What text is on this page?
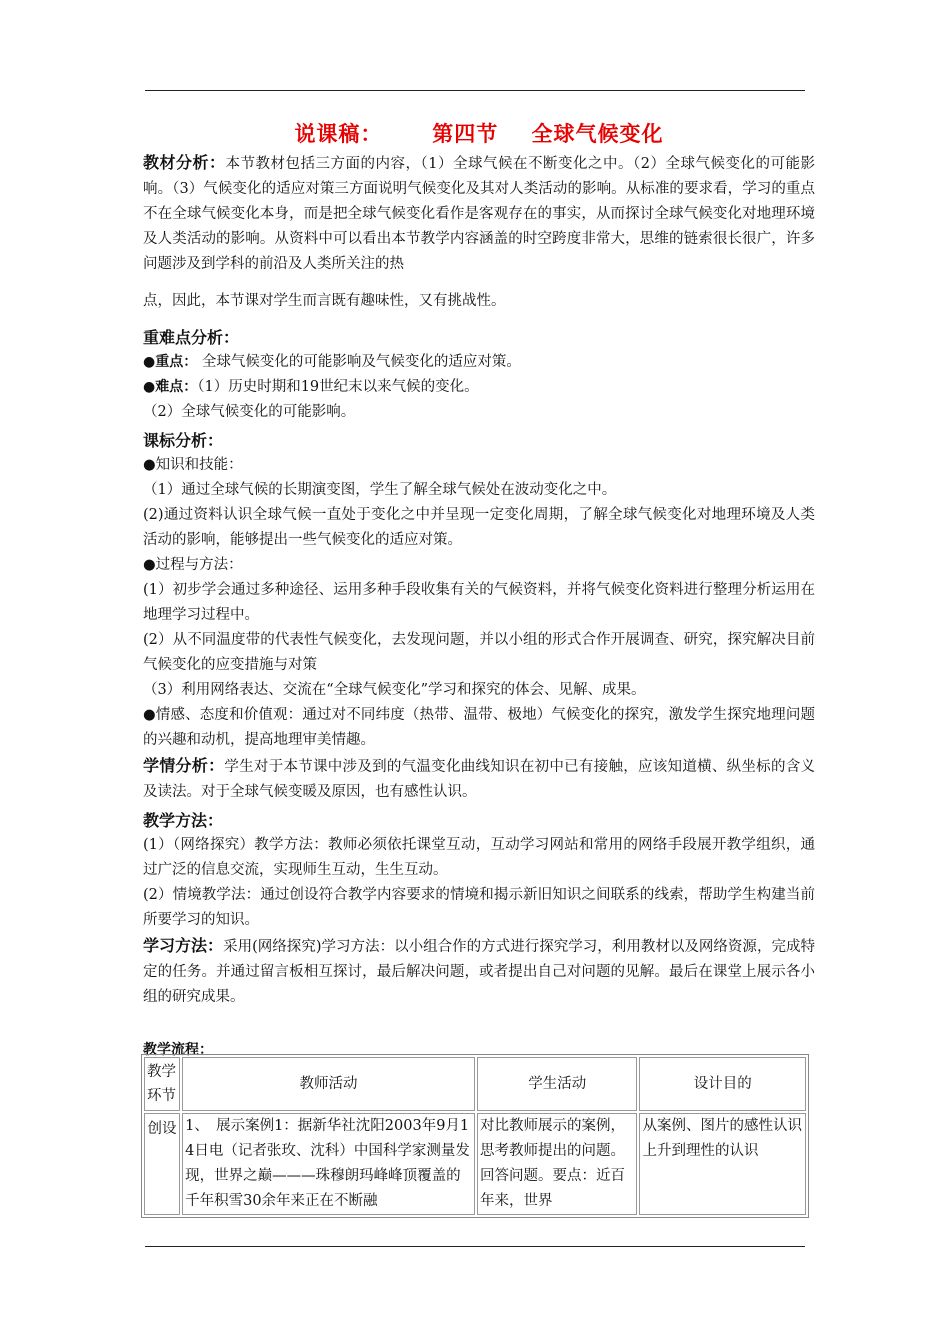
说课稿：      第四节    全球气候变化

教材分析：本节教材包括三方面的内容，（1）全球气候在不断变化之中。（2）全球气候变化的可能影响。（3）气候变化的适应对策三方面说明气候变化及其对人类活动的影响。从标准的要求看，学习的重点不在全球气候变化本身，而是把全球气候变化看作是客观存在的事实，从而探讨全球气候变化对地理环境及人类活动的影响。从资料中可以看出本节教学内容涵盖的时空跨度非常大，思维的链索很长很广，许多问题涉及到学科的前沿及人类所关注的热

点，因此，本节课对学生而言既有趣味性，又有挑战性。

重难点分析：

●重点： 全球气候变化的可能影响及气候变化的适应对策。

●难点：（1）历史时期和19世纪末以来气候的变化。

（2）全球气候变化的可能影响。

课标分析：

●知识和技能：

（1）通过全球气候的长期演变图，学生了解全球气候处在波动变化之中。

(2)通过资料认识全球气候一直处于变化之中并呈现一定变化周期，了解全球气候变化对地理环境及人类活动的影响，能够提出一些气候变化的适应对策。

●过程与方法：

(1）初步学会通过多种途径、运用多种手段收集有关的气候资料，并将气候变化资料进行整理分析运用在地理学习过程中。

(2）从不同温度带的代表性气候变化，去发现问题，并以小组的形式合作开展调查、研究，探究解决目前气候变化的应变措施与对策

（3）利用网络表达、交流在“全球气候变化”学习和探究的体会、见解、成果。

●情感、态度和价值观：通过对不同纬度（热带、温带、极地）气候变化的探究，激发学生探究地理问题的兴趣和动机，提高地理审美情趣。

学情分析：学生对于本节课中涉及到的气温变化曲线知识在初中已有接触，应该知道横、纵坐标的含义及读法。对于全球气候变暖及原因，也有感性认识。

教学方法：

(1）（网络探究）教学方法：教师必须依托课堂互动，互动学习网站和常用的网络手段展开教学组织，通过广泛的信息交流，实现师生互动，生生互动。

(2）情境教学法：通过创设符合教学内容要求的情境和揭示新旧知识之间联系的线索，帮助学生构建当前所要学习的知识。

学习方法：采用(网络探究)学习方法：以小组合作的方式进行探究学习，利用教材以及网络资源，完成特定的任务。并通过留言板相互探讨，最后解决问题，或者提出自己对问题的见解。最后在课堂上展示各小组的研究成果。

教学流程：
教学环节	教师活动	学生活动	设计目的
创设	1、　展示案例1：据新华社沈阳2003年9月14日电（记者张玫、沈科）中国科学家测量发现，世界之巅———珠穆朗玛峰峰顶覆盖的千年积雪30余年来正在不断融	对比教师展示的案例，思考教师提出的问题。回答问题。要点：近百年来，世界	从案例、图片的感性认识上升到理性的认识
